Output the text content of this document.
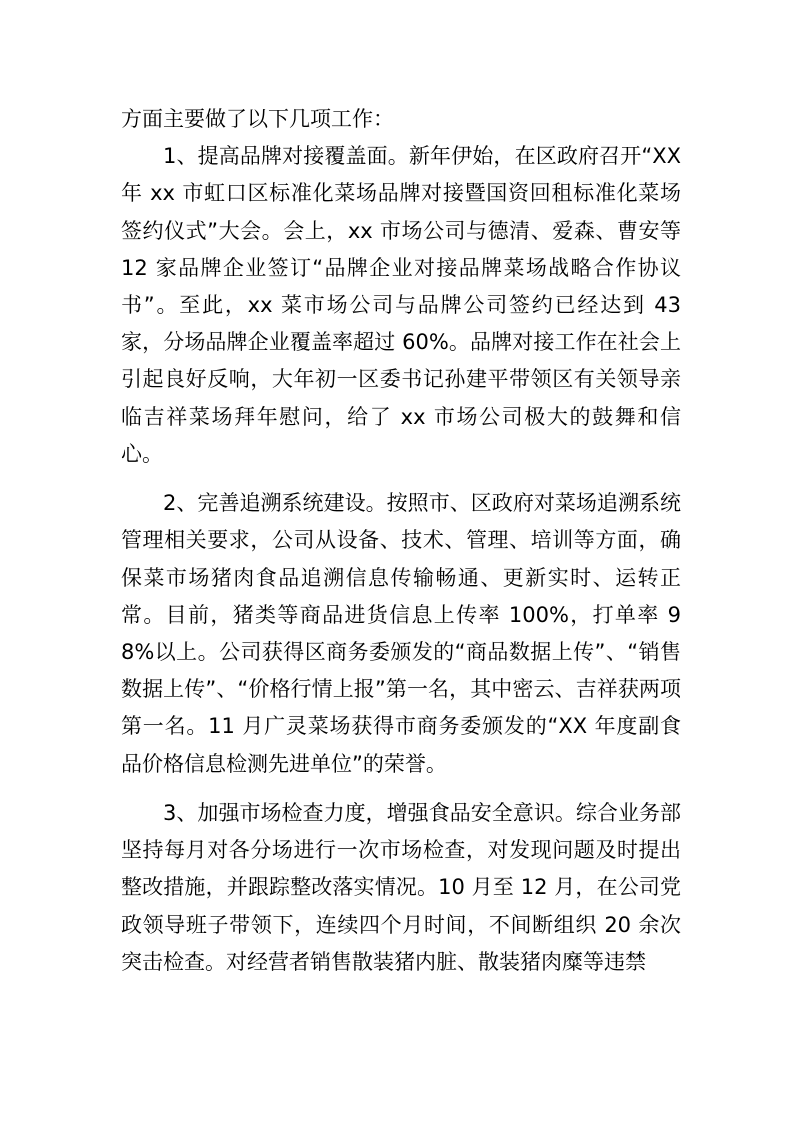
方面主要做了以下几项工作：

1、提高品牌对接覆盖面。新年伊始，在区政府召开“XX年 xx 市虹口区标准化菜场品牌对接暨国资回租标准化菜场签约仪式”大会。会上，xx 市场公司与德清、爱森、曹安等 12 家品牌企业签订“品牌企业对接品牌菜场战略合作协议书”。至此，xx 菜市场公司与品牌公司签约已经达到 43 家，分场品牌企业覆盖率超过 60%。品牌对接工作在社会上引起良好反响，大年初一区委书记孙建平带领区有关领导亲临吉祥菜场拜年慰问，给了 xx 市场公司极大的鼓舞和信心。

2、完善追溯系统建设。按照市、区政府对菜场追溯系统管理相关要求，公司从设备、技术、管理、培训等方面，确保菜市场猪肉食品追溯信息传输畅通、更新实时、运转正常。目前，猪类等商品进货信息上传率 100%，打单率 98%以上。公司获得区商务委颁发的“商品数据上传”、“销售数据上传”、“价格行情上报”第一名，其中密云、吉祥获两项第一名。11 月广灵菜场获得市商务委颁发的“XX 年度副食品价格信息检测先进单位”的荣誉。

3、加强市场检查力度，增强食品安全意识。综合业务部坚持每月对各分场进行一次市场检查，对发现问题及时提出整改措施，并跟踪整改落实情况。10 月至 12 月，在公司党政领导班子带领下，连续四个月时间，不间断组织 20 余次突击检查。对经营者销售散装猪内脏、散装猪肉糜等违禁
